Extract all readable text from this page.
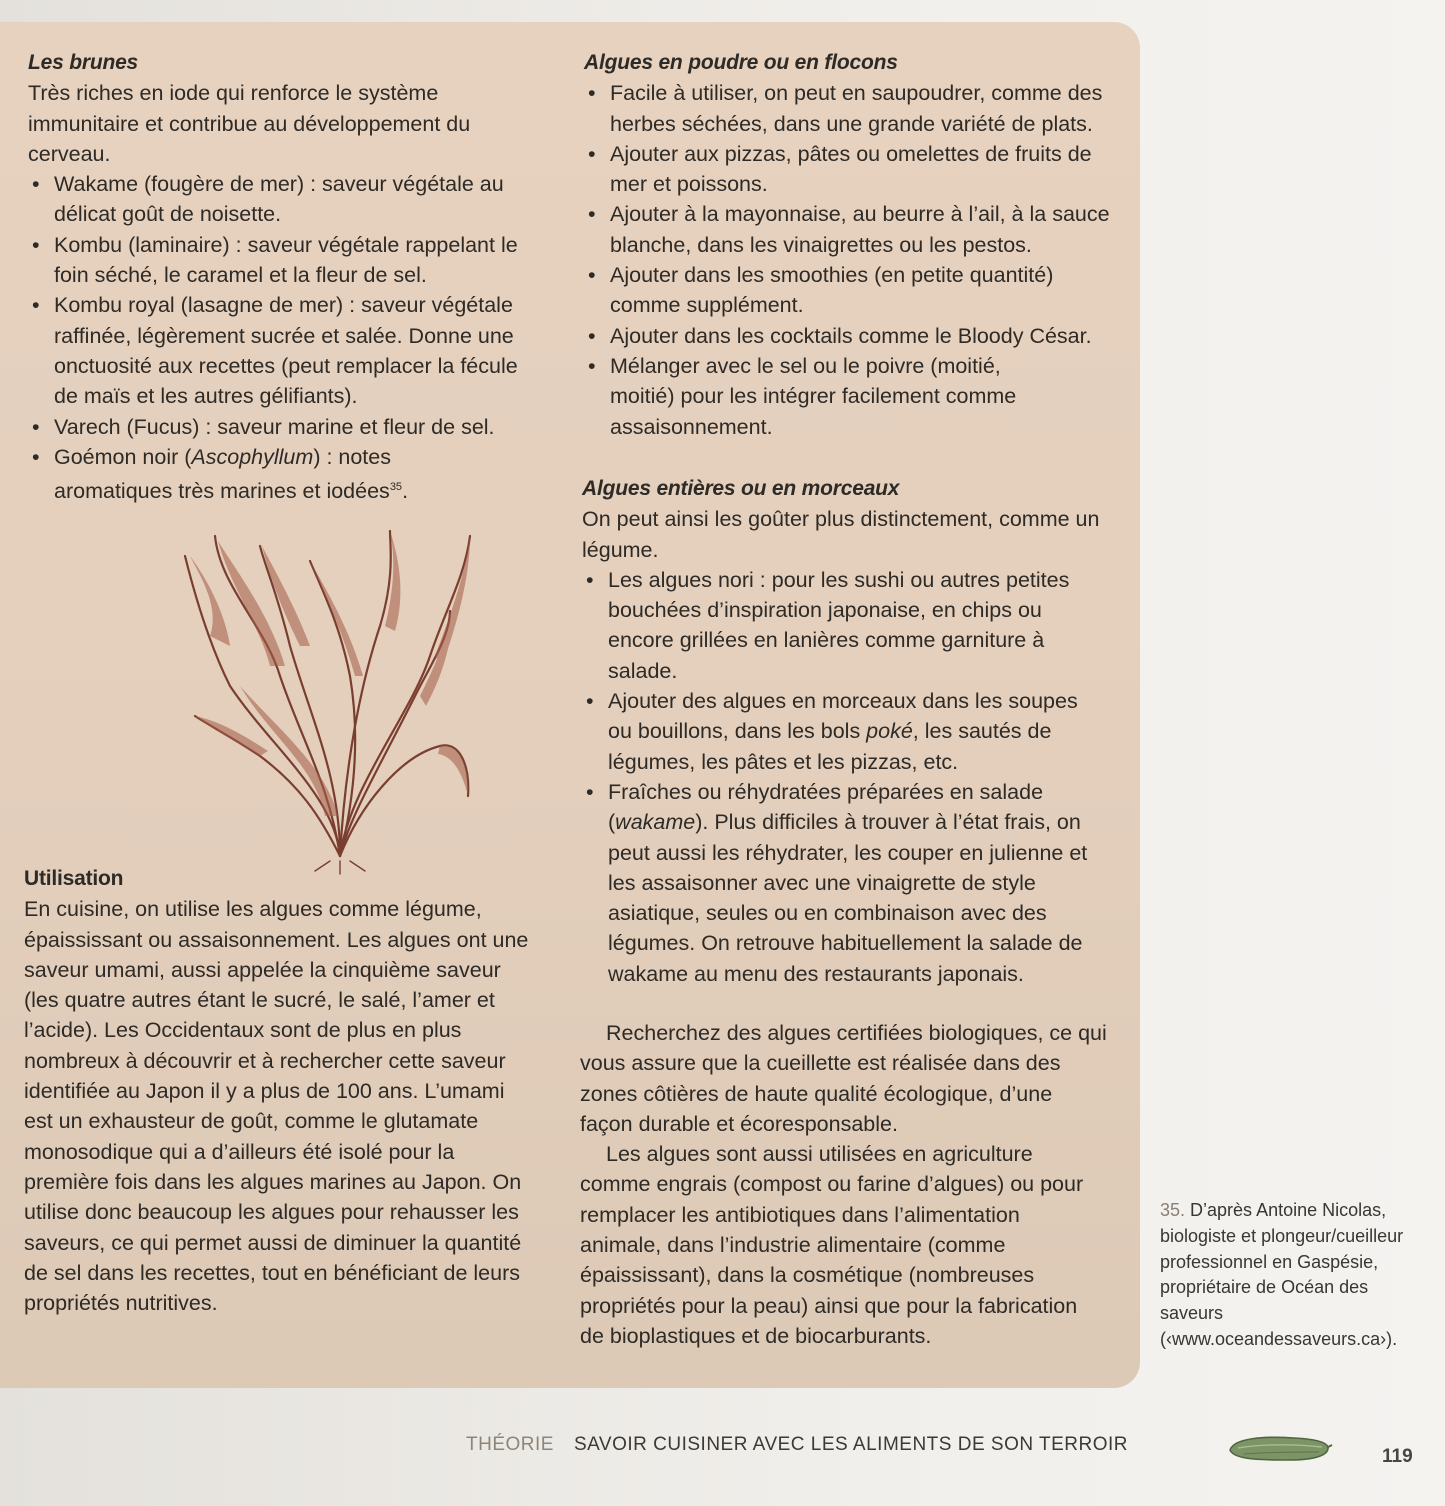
Les brunes

Très riches en iode qui renforce le système immunitaire et contribue au développement du cerveau.

• Wakame (fougère de mer) : saveur végétale au délicat goût de noisette.
• Kombu (laminaire) : saveur végétale rappelant le foin séché, le caramel et la fleur de sel.
• Kombu royal (lasagne de mer) : saveur végétale raffinée, légèrement sucrée et salée. Donne une onctuosité aux recettes (peut remplacer la fécule de maïs et les autres gélifiants).
• Varech (Fucus) : saveur marine et fleur de sel.
• Goémon noir (Ascophyllum) : notes aromatiques très marines et iodées$^{35}$.
Utilisation

En cuisine, on utilise les algues comme légume, épaississant ou assaisonnement. Les algues ont une saveur umami, aussi appelée la cinquième saveur (les quatre autres étant le sucré, le salé, l’amer et l’acide). Les Occidentaux sont de plus en plus nombreux à découvrir et à rechercher cette saveur identifiée au Japon il y a plus de 100 ans. L’umami est un exhausteur de goût, comme le glutamate monosodique qui a d’ailleurs été isolé pour la première fois dans les algues marines au Japon. On utilise donc beaucoup les algues pour rehausser les saveurs, ce qui permet aussi de diminuer la quantité de sel dans les recettes, tout en bénéficiant de leurs propriétés nutritives.

Algues en poudre ou en flocons
• Facile à utiliser, on peut en saupoudrer, comme des herbes séchées, dans une grande variété de plats.
• Ajouter aux pizzas, pâtes ou omelettes de fruits de mer et poissons.
• Ajouter à la mayonnaise, au beurre à l’ail, à la sauce blanche, dans les vinaigrettes ou les pestos.
• Ajouter dans les smoothies (en petite quantité) comme supplément.
• Ajouter dans les cocktails comme le Bloody César.
• Mélanger avec le sel ou le poivre (moitié, moitié) pour les intégrer facilement comme assaisonnement.
Algues entières ou en morceaux

On peut ainsi les goûter plus distinctement, comme un légume.

• Les algues nori : pour les sushi ou autres petites bouchées d’inspiration japonaise, en chips ou encore grillées en lanières comme garniture à salade.
• Ajouter des algues en morceaux dans les soupes ou bouillons, dans les bols poké, les sautés de légumes, les pâtes et les pizzas, etc.
• Fraîches ou réhydratées préparées en salade (wakame). Plus difficiles à trouver à l’état frais, on peut aussi les réhydrater, les couper en julienne et les assaisonner avec une vinaigrette de style asiatique, seules ou en combinaison avec des légumes. On retrouve habituellement la salade de wakame au menu des restaurants japonais.

Recherchez des algues certifiées biologiques, ce qui vous assure que la cueillette est réalisée dans des zones côtières de haute qualité écologique, d’une façon durable et écoresponsable.

Les algues sont aussi utilisées en agriculture comme engrais (compost ou farine d’algues) ou pour remplacer les antibiotiques dans l’alimentation animale, dans l’industrie alimentaire (comme épaississant), dans la cosmétique (nombreuses propriétés pour la peau) ainsi que pour la fabrication de bioplastiques et de biocarburants.

35. D’après Antoine Nicolas, biologiste et plongeur/cueilleur professionnel en Gaspésie, propriétaire de Océan des saveurs (‹www.oceandessaveurs.ca›).
THÉORIE SAVOIR CUISINER AVEC LES ALIMENTS DE SON TERROIR
119
